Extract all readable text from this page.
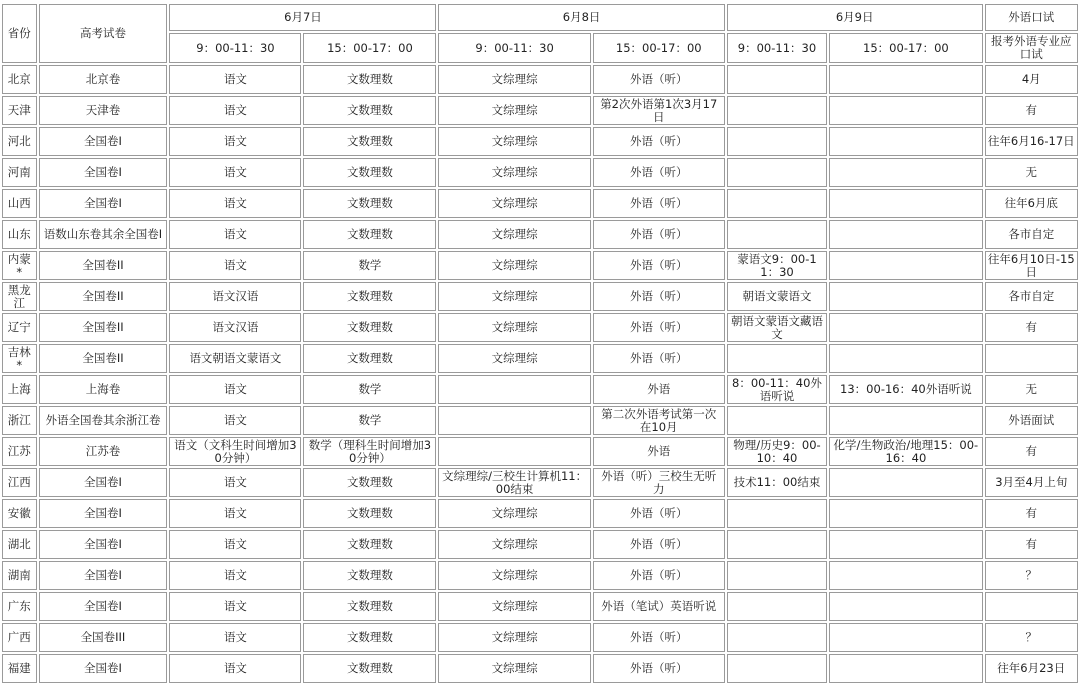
省份	高考试卷	6月7日		6月8日		6月9日		外语口试
		9：00-11：30	15：00-17：00	9：00-11：30	15：00-17：00	9：00-11：30	15：00-17：00	报考外语专业应口试
北京	北京卷	语文	文数理数	文综理综	外语（听）			4月
天津	天津卷	语文	文数理数	文综理综	第2次外语第1次3月17日			有
河北	全国卷I	语文	文数理数	文综理综	外语（听）			往年6月16-17日
河南	全国卷I	语文	文数理数	文综理综	外语（听）			无
山西	全国卷I	语文	文数理数	文综理综	外语（听）			往年6月底
山东	语数山东卷其余全国卷I	语文	文数理数	文综理综	外语（听）			各市自定
内蒙*	全国卷II	语文	数学	文综理综	外语（听）	蒙语文9：00-11：30		往年6月10日-15日
黑龙江	全国卷II	语文汉语	文数理数	文综理综	外语（听）	朝语文蒙语文		各市自定
辽宁	全国卷II	语文汉语	文数理数	文综理综	外语（听）	朝语文蒙语文藏语文		有
吉林*	全国卷II	语文朝语文蒙语文	文数理数	文综理综	外语（听）			
上海	上海卷	语文	数学		外语	8：00-11：40外语听说	13：00-16：40外语听说	无
浙江	外语全国卷其余浙江卷	语文	数学		第二次外语考试第一次在10月			外语面试
江苏	江苏卷	语文（文科生时间增加30分钟）	数学（理科生时间增加30分钟）		外语	物理/历史9：00-10：40	化学/生物政治/地理15：00-16：40	有
江西	全国卷I	语文	文数理数	文综理综/三校生计算机11：00结束	外语（听）三校生无听力	技术11：00结束		3月至4月上旬
安徽	全国卷I	语文	文数理数	文综理综	外语（听）			有
湖北	全国卷I	语文	文数理数	文综理综	外语（听）			有
湖南	全国卷I	语文	文数理数	文综理综	外语（听）			？
广东	全国卷I	语文	文数理数	文综理综	外语（笔试）英语听说			
广西	全国卷III	语文	文数理数	文综理综	外语（听）			？
福建	全国卷I	语文	文数理数	文综理综	外语（听）			往年6月23日
